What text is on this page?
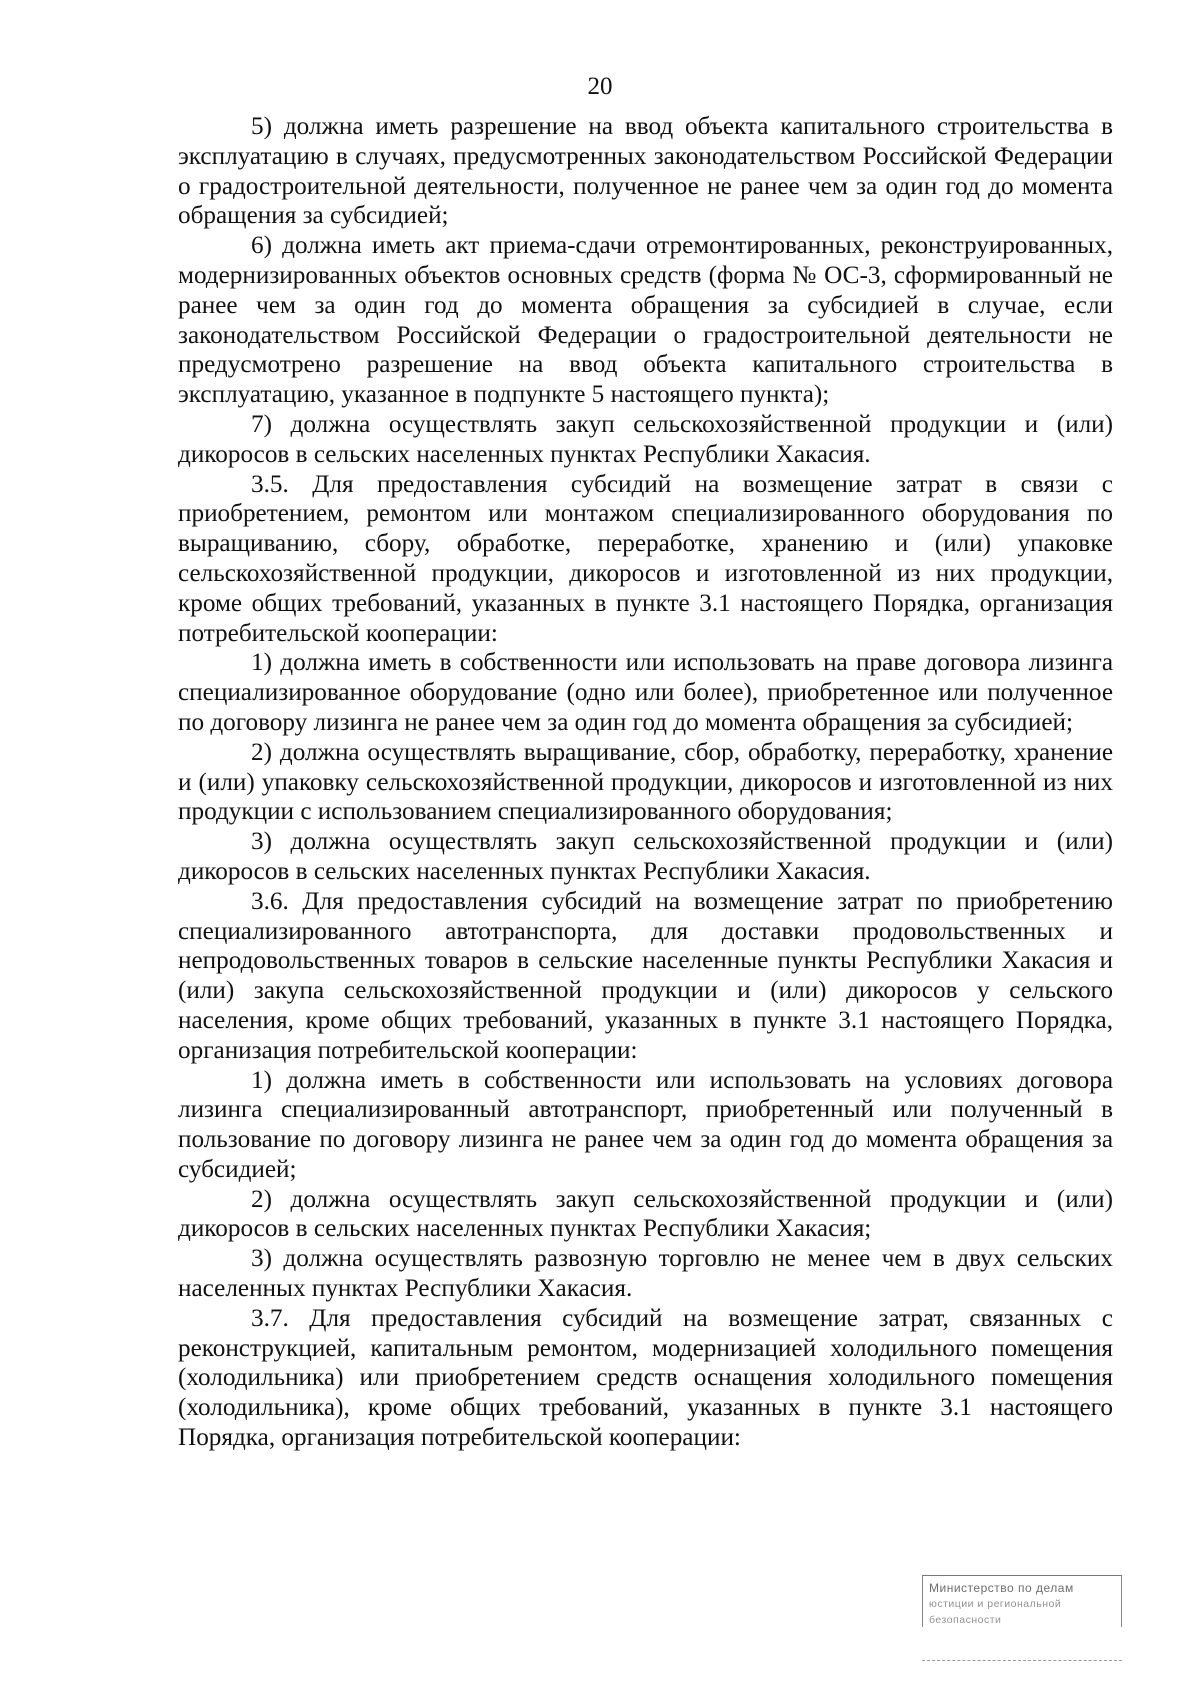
20

5) должна иметь разрешение на ввод объекта капитального строительства в эксплуатацию в случаях, предусмотренных законодательством Российской Федерации о градостроительной деятельности, полученное не ранее чем за один год до момента обращения за субсидией;

6) должна иметь акт приема-сдачи отремонтированных, реконструированных, модернизированных объектов основных средств (форма № ОС-3, сформированный не ранее чем за один год до момента обращения за субсидией в случае, если законодательством Российской Федерации о градостроительной деятельности не предусмотрено разрешение на ввод объекта капитального строительства в эксплуатацию, указанное в подпункте 5 настоящего пункта);

7) должна осуществлять закуп сельскохозяйственной продукции и (или) дикоросов в сельских населенных пунктах Республики Хакасия.

3.5. Для предоставления субсидий на возмещение затрат в связи с приобретением, ремонтом или монтажом специализированного оборудования по выращиванию, сбору, обработке, переработке, хранению и (или) упаковке сельскохозяйственной продукции, дикоросов и изготовленной из них продукции, кроме общих требований, указанных в пункте 3.1 настоящего Порядка, организация потребительской кооперации:

1) должна иметь в собственности или использовать на праве договора лизинга специализированное оборудование (одно или более), приобретенное или полученное по договору лизинга не ранее чем за один год до момента обращения за субсидией;

2) должна осуществлять выращивание, сбор, обработку, переработку, хранение и (или) упаковку сельскохозяйственной продукции, дикоросов и изготовленной из них продукции с использованием специализированного оборудования;

3) должна осуществлять закуп сельскохозяйственной продукции и (или) дикоросов в сельских населенных пунктах Республики Хакасия.

3.6. Для предоставления субсидий на возмещение затрат по приобретению специализированного автотранспорта, для доставки продовольственных и непродовольственных товаров в сельские населенные пункты Республики Хакасия и (или) закупа сельскохозяйственной продукции и (или) дикоросов у сельского населения, кроме общих требований, указанных в пункте 3.1 настоящего Порядка, организация потребительской кооперации:

1) должна иметь в собственности или использовать на условиях договора лизинга специализированный автотранспорт, приобретенный или полученный в пользование по договору лизинга не ранее чем за один год до момента обращения за субсидией;

2) должна осуществлять закуп сельскохозяйственной продукции и (или) дикоросов в сельских населенных пунктах Республики Хакасия;

3) должна осуществлять развозную торговлю не менее чем в двух сельских населенных пунктах Республики Хакасия.

3.7. Для предоставления субсидий на возмещение затрат, связанных с реконструкцией, капитальным ремонтом, модернизацией холодильного помещения (холодильника) или приобретением средств оснащения холодильного помещения (холодильника), кроме общих требований, указанных в пункте 3.1 настоящего Порядка, организация потребительской кооперации:

Министерство по делам
юстиции и региональной безопасности
